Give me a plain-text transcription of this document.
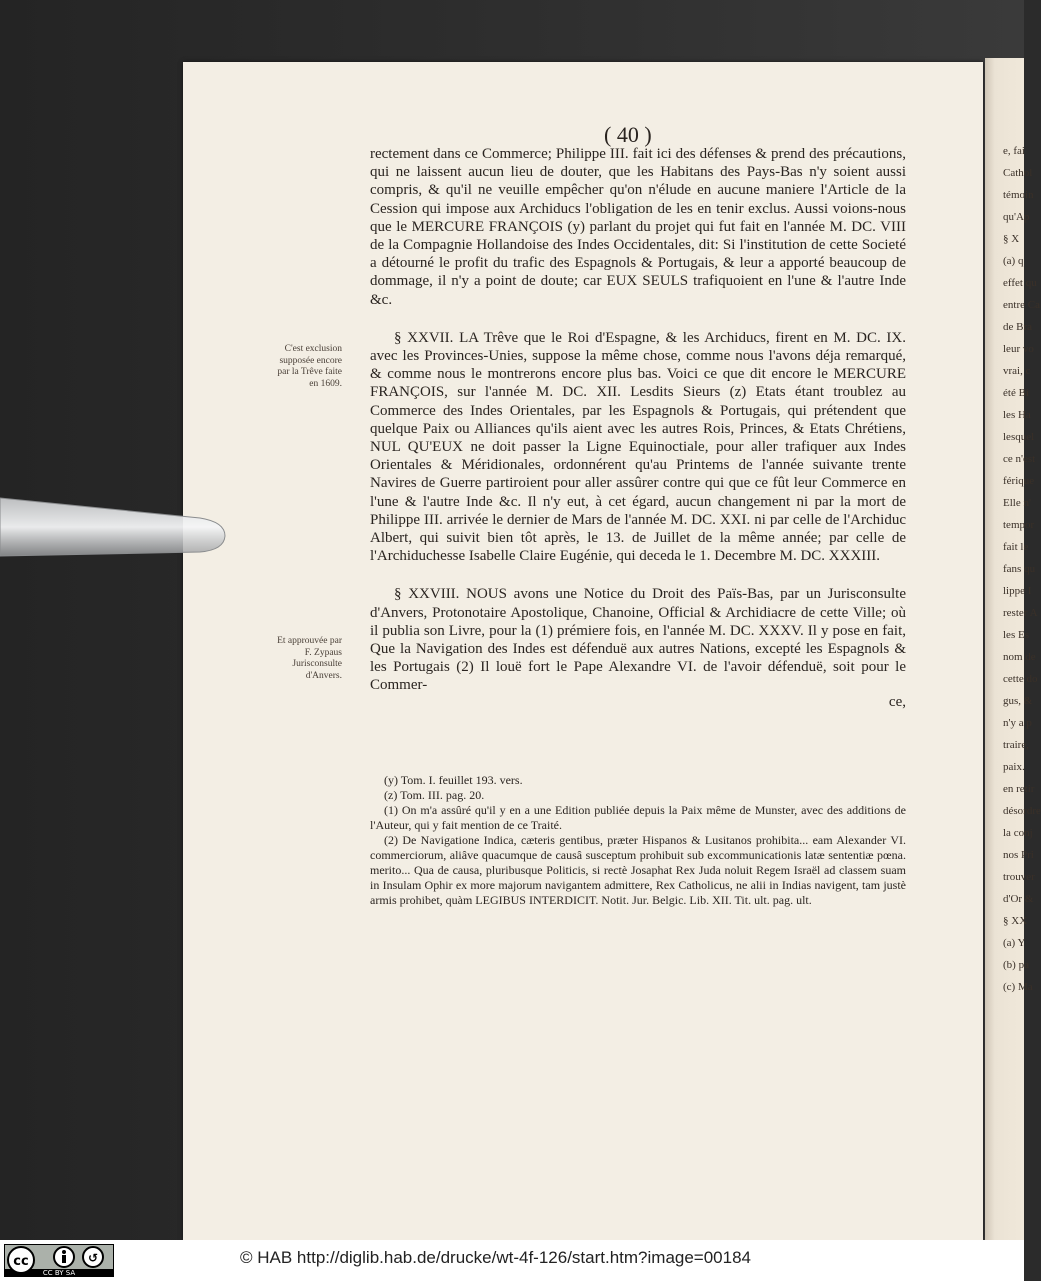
e, fai
Cathol
témoin
qu'Ap
§ X
(a) q
effet qu
entre Ca
de Bra
leur vo
vrai, c
été Bi
les Ha
lesquel
ce n'est
férique
Elle n'
tempor
fait le
fans qu
lippe I
rester A
les Es
nom de
cette do
gus, &
n'y a p
traire,
paix.
en retir
désordre
la conj
nos Pri
trouver
d'Or &
§ XX
(a) Y
(b) pa
(c) Ma
( 40 )

rectement dans ce Commerce; Philippe III. fait ici des défenses & prend des précautions, qui ne laissent aucun lieu de douter, que les Habitans des Pays-Bas n'y soient aussi compris, & qu'il ne veuille empêcher qu'on n'élude en aucune maniere l'Article de la Cession qui impose aux Archiducs l'obligation de les en tenir exclus. Aussi voions-nous que le MERCURE FRANÇOIS (y) parlant du projet qui fut fait en l'année M. DC. VIII de la Compagnie Hollandoise des Indes Occidentales, dit: Si l'institution de cette Societé a détourné le profit du trafic des Espagnols & Portugais, & leur a apporté beaucoup de dommage, il n'y a point de doute; car EUX SEULS trafiquoient en l'une & l'autre Inde &c.

§ XXVII. LA Trêve que le Roi d'Espagne, & les Archiducs, firent en M. DC. IX. avec les Provinces-Unies, suppose la même chose, comme nous l'avons déja remarqué, & comme nous le montrerons encore plus bas. Voici ce que dit encore le MERCURE FRANÇOIS, sur l'année M. DC. XII. Lesdits Sieurs (z) Etats étant troublez au Commerce des Indes Orientales, par les Espagnols & Portugais, qui prétendent que quelque Paix ou Alliances qu'ils aient avec les autres Rois, Princes, & Etats Chrétiens, NUL QU'EUX ne doit passer la Ligne Equinoctiale, pour aller trafiquer aux Indes Orientales & Méridionales, ordonnérent qu'au Printems de l'année suivante trente Navires de Guerre partiroient pour aller assûrer contre qui que ce fût leur Commerce en l'une & l'autre Inde &c. Il n'y eut, à cet égard, aucun changement ni par la mort de Philippe III. arrivée le dernier de Mars de l'année M. DC. XXI. ni par celle de l'Archiduc Albert, qui suivit bien tôt après, le 13. de Juillet de la même année; par celle de l'Archiduchesse Isabelle Claire Eugénie, qui deceda le 1. Decembre M. DC. XXXIII.

§ XXVIII. NOUS avons une Notice du Droit des Païs-Bas, par un Jurisconsulte d'Anvers, Protonotaire Apostolique, Chanoine, Official & Archidiacre de cette Ville; où il publia son Livre, pour la (1) prémiere fois, en l'année M. DC. XXXV. Il y pose en fait, Que la Navigation des Indes est défenduë aux autres Nations, excepté les Espagnols & les Portugais (2) Il louë fort le Pape Alexandre VI. de l'avoir défenduë, soit pour le Commer-

ce,
C'est exclusion supposée encore par la Trêve faite en 1609.
Et approuvée par F. Zypaus Jurisconsulte d'Anvers.

(y) Tom. I. feuillet 193. vers.

(z) Tom. III. pag. 20.

(1) On m'a assûré qu'il y en a une Edition publiée depuis la Paix même de Munster, avec des additions de l'Auteur, qui y fait mention de ce Traité.

(2) De Navigatione Indica, cæteris gentibus, præter Hispanos & Lusitanos prohibita... eam Alexander VI. commerciorum, aliâve quacumque de causâ susceptum prohibuit sub excommunicationis latæ sententiæ pœna. merito... Qua de causa, pluribusque Politicis, si rectè Josaphat Rex Juda noluit Regem Israël ad classem suam in Insulam Ophir ex more majorum navigantem admittere, Rex Catholicus, ne alii in Indias navigent, tam justè armis prohibet, quàm LEGIBUS INTERDICIT. Notit. Jur. Belgic. Lib. XII. Tit. ult. pag. ult.

cc	↺
CC BY SA
© HAB http://diglib.hab.de/drucke/wt-4f-126/start.htm?image=00184
